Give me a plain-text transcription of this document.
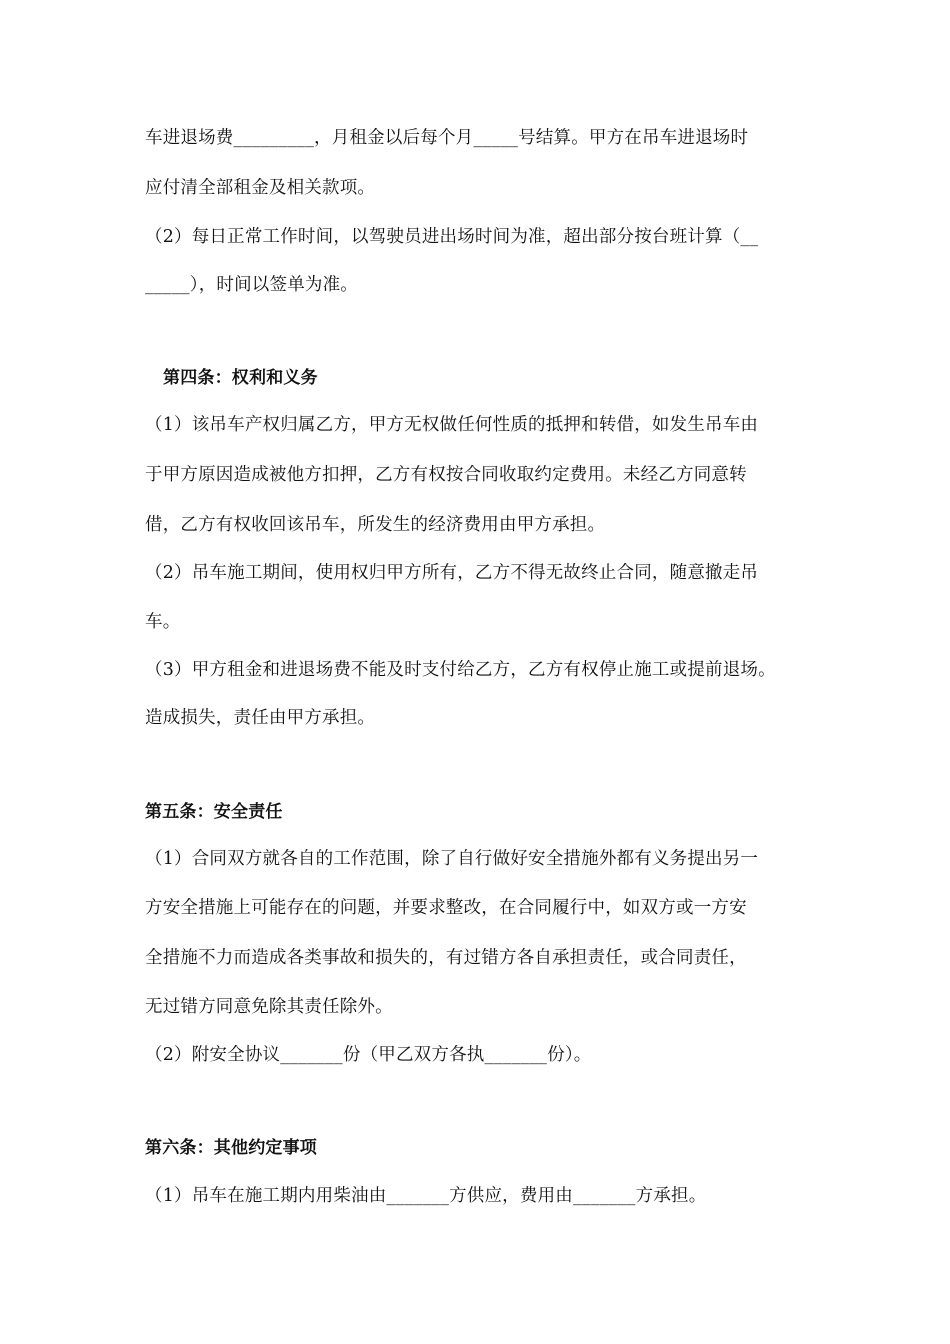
车进退场费_________，月租金以后每个月_____号结算。甲方在吊车进退场时
应付清全部租金及相关款项。
（2）每日正常工作时间，以驾驶员进出场时间为准，超出部分按台班计算（__
_____），时间以签单为准。
第四条：权利和义务
（1）该吊车产权归属乙方，甲方无权做任何性质的抵押和转借，如发生吊车由
于甲方原因造成被他方扣押，乙方有权按合同收取约定费用。未经乙方同意转
借，乙方有权收回该吊车，所发生的经济费用由甲方承担。
（2）吊车施工期间，使用权归甲方所有，乙方不得无故终止合同，随意撤走吊
车。
（3）甲方租金和进退场费不能及时支付给乙方，乙方有权停止施工或提前退场。
造成损失，责任由甲方承担。
第五条：安全责任
（1）合同双方就各自的工作范围，除了自行做好安全措施外都有义务提出另一
方安全措施上可能存在的问题，并要求整改，在合同履行中，如双方或一方安
全措施不力而造成各类事故和损失的，有过错方各自承担责任，或合同责任，
无过错方同意免除其责任除外。
（2）附安全协议_______份（甲乙双方各执_______份）。
第六条：其他约定事项
（1）吊车在施工期内用柴油由_______方供应，费用由_______方承担。
